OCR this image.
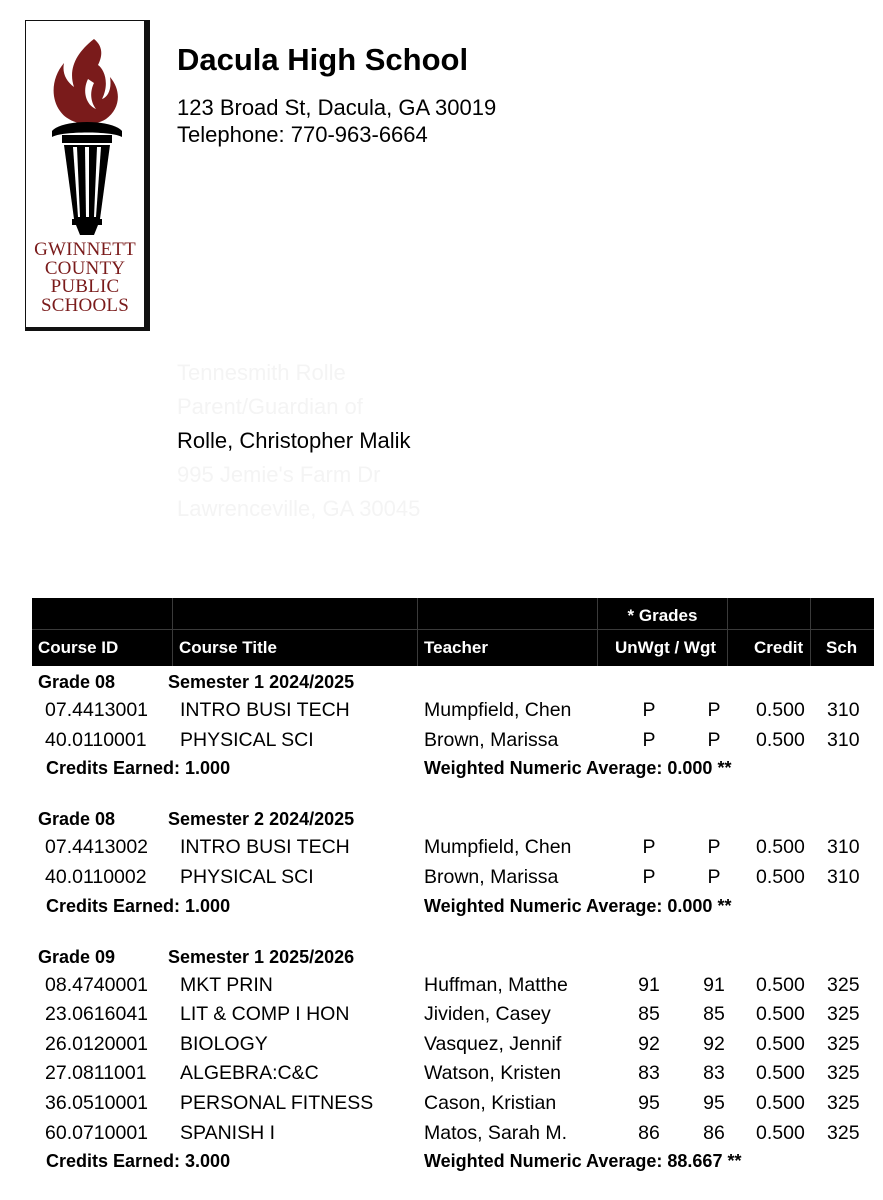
GWINNETT
COUNTY
PUBLIC
SCHOOLS
Dacula High School
123 Broad St, Dacula, GA 30019
Telephone: 770-963-6664
Tennesmith Rolle
Parent/Guardian of
Rolle, Christopher Malik
995 Jemie's Farm Dr
Lawrenceville, GA 30045
* Grades
Course ID	Course Title	Teacher	UnWgt / Wgt Credit Sch
Grade 08	Semester 1 2024/2025
07.4413001 INTRO BUSI TECH	Mumpfield, Chen	P	P	0.500 310
40.0110001 PHYSICAL SCI	Brown, Marissa	P	P	0.500 310
Credits Earned: 1.000	Weighted Numeric Average: 0.000 **
Grade 08	Semester 2 2024/2025
07.4413002 INTRO BUSI TECH	Mumpfield, Chen	P	P	0.500 310
40.0110002 PHYSICAL SCI	Brown, Marissa	P	P	0.500 310
Credits Earned: 1.000	Weighted Numeric Average: 0.000 **
Grade 09	Semester 1 2025/2026
08.4740001 MKT PRIN	Huffman, Matthe	91 91 0.500 325
23.0616041 LIT & COMP I HON	Jividen, Casey	85 85 0.500 325
26.0120001 BIOLOGY	Vasquez, Jennif	92 92 0.500 325
27.0811001 ALGEBRA:C&C	Watson, Kristen	83 83 0.500 325
36.0510001 PERSONAL FITNESS	Cason, Kristian	95 95 0.500 325
60.0710001 SPANISH I	Matos, Sarah M.	86 86 0.500 325
Credits Earned: 3.000	Weighted Numeric Average: 88.667 **
